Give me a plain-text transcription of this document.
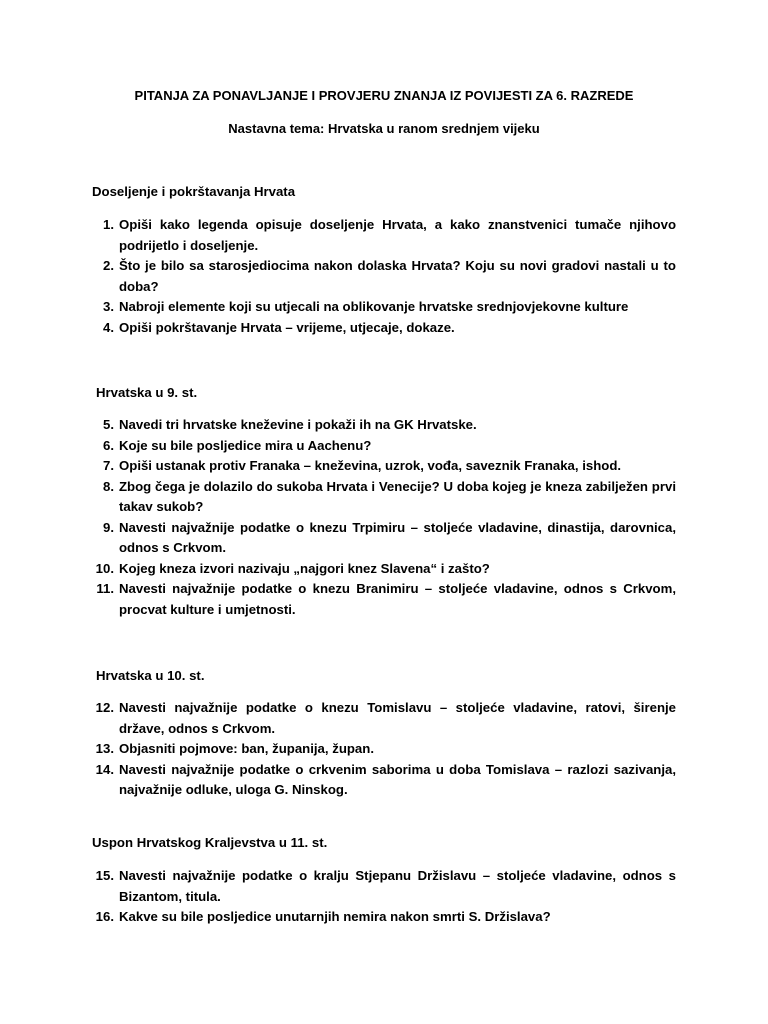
PITANJA ZA PONAVLJANJE I PROVJERU ZNANJA IZ POVIJESTI ZA 6. RAZREDE
Nastavna tema: Hrvatska u ranom srednjem vijeku
Doseljenje i pokrštavanja Hrvata
1. Opiši kako legenda opisuje doseljenje Hrvata, a kako znanstvenici tumače njihovo podrijetlo i doseljenje.
2. Što je bilo sa starosjediocima nakon dolaska Hrvata? Koju su novi gradovi nastali u to doba?
3. Nabroji elemente koji su utjecali na oblikovanje hrvatske srednjovjekovne kulture
4. Opiši pokrštavanje Hrvata – vrijeme, utjecaje, dokaze.
Hrvatska u 9. st.
5. Navedi tri hrvatske kneževine i pokaži ih na GK Hrvatske.
6. Koje su bile posljedice mira u Aachenu?
7. Opiši ustanak protiv Franaka – kneževina, uzrok, vođa, saveznik Franaka, ishod.
8. Zbog čega je dolazilo do sukoba Hrvata i Venecije? U doba kojeg je kneza zabilježen prvi takav sukob?
9. Navesti najvažnije podatke o knezu Trpimiru – stoljeće vladavine, dinastija, darovnica, odnos s Crkvom.
10. Kojeg kneza izvori nazivaju „najgori knez Slavena“ i zašto?
11. Navesti najvažnije podatke o knezu Branimiru – stoljeće vladavine, odnos s Crkvom, procvat kulture i umjetnosti.
Hrvatska u 10. st.
12. Navesti najvažnije podatke o knezu Tomislavu – stoljeće vladavine, ratovi, širenje države, odnos s Crkvom.
13. Objasniti pojmove: ban, županija, župan.
14. Navesti najvažnije podatke o crkvenim saborima u doba Tomislava – razlozi sazivanja, najvažnije odluke, uloga G. Ninskog.
Uspon Hrvatskog Kraljevstva u 11. st.
15. Navesti najvažnije podatke o kralju Stjepanu Držislavu – stoljeće vladavine, odnos s Bizantom, titula.
16. Kakve su bile posljedice unutarnjih nemira nakon smrti S. Držislava?
